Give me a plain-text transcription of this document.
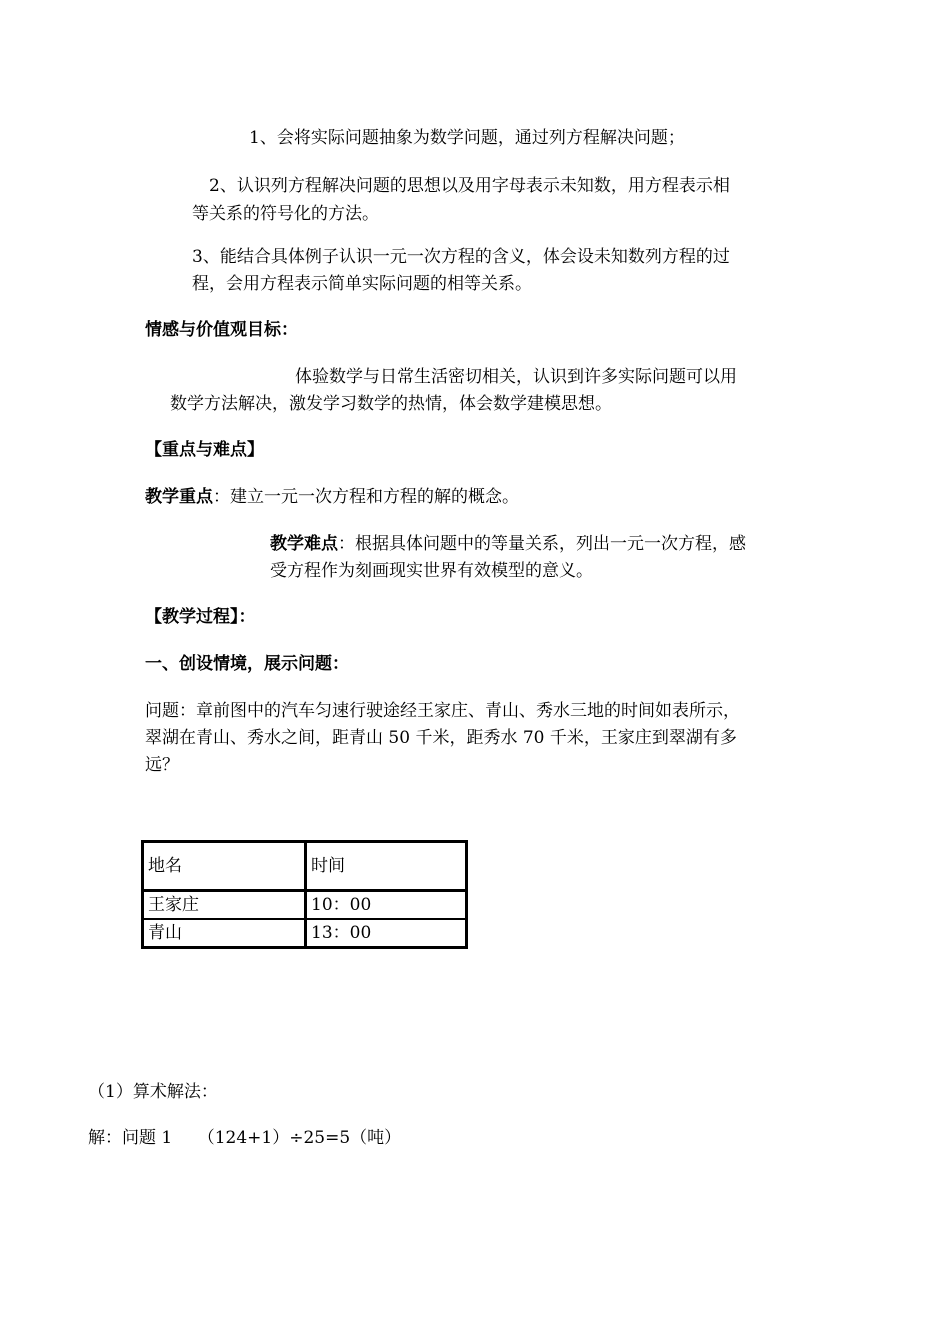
1、会将实际问题抽象为数学问题，通过列方程解决问题；
2、认识列方程解决问题的思想以及用字母表示未知数，用方程表示相
等关系的符号化的方法。
3、能结合具体例子认识一元一次方程的含义，体会设未知数列方程的过
程，会用方程表示简单实际问题的相等关系。
情感与价值观目标：
体验数学与日常生活密切相关，认识到许多实际问题可以用
数学方法解决，激发学习数学的热情，体会数学建模思想。
【重点与难点】
教学重点：建立一元一次方程和方程的解的概念。
教学难点：根据具体问题中的等量关系，列出一元一次方程，感
受方程作为刻画现实世界有效模型的意义。
【教学过程】：
一、创设情境，展示问题：
问题：章前图中的汽车匀速行驶途经王家庄、青山、秀水三地的时间如表所示，
翠湖在青山、秀水之间，距青山 50 千米，距秀水 70 千米，王家庄到翠湖有多
远？
地名	时间
王家庄	10：00
青山	13：00
（1）算术解法：
解：问题 1　　（124+1）÷25=5（吨）
